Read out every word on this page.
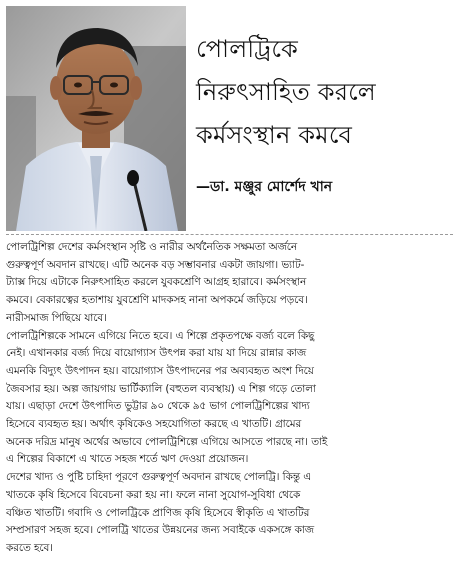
পোলট্রিকে
নিরুৎসাহিত করলে
কর্মসংস্থান কমবে
—ডা. মঞ্জুর মোর্শেদ খান
পোলট্রিশিল্প দেশের কর্মসংস্থান সৃষ্টি ও নারীর অর্থনৈতিক সক্ষমতা অর্জনে
গুরুত্বপূর্ণ অবদান রাখছে। এটি অনেক বড় সম্ভাবনার একটা জায়গা। ভ্যাট-
ট্যাক্স দিয়ে এটাকে নিরুৎসাহিত করলে যুবকশ্রেণি আগ্রহ হারাবে। কর্মসংস্থান
কমবে। বেকারত্বের হতাশায় যুবশ্রেণি মাদকসহ নানা অপকর্মে জড়িয়ে পড়বে।
নারীসমাজ পিছিয়ে যাবে।
পোলট্রিশিল্পকে সামনে এগিয়ে নিতে হবে। এ শিল্পে প্রকৃতপক্ষে বর্জ্য বলে কিছু
নেই। এখানকার বর্জ্য দিয়ে বায়োগ্যাস উৎপন্ন করা যায় যা দিয়ে রান্নার কাজ
এমনকি বিদ্যুৎ উৎপাদন হয়। বায়োগ্যাস উৎপাদনের পর অব্যবহৃত অংশ দিয়ে
জৈবসার হয়। অল্প জায়গায় ভার্টিক্যালি (বহুতল ব্যবস্থায়) এ শিল্প গড়ে তোলা
যায়। এছাড়া দেশে উৎপাদিত ভুট্টার ৯০ থেকে ৯৫ ভাগ পোলট্রিশিল্পের খাদ্য
হিসেবে ব্যবহৃত হয়। অর্থাৎ কৃষিকেও সহযোগিতা করছে এ খাতটি। গ্রামের
অনেক দরিদ্র মানুষ অর্থের অভাবে পোলট্রিশিল্পে এগিয়ে আসতে পারছে না। তাই
এ শিল্পের বিকাশে এ খাতে সহজ শর্তে ঋণ দেওয়া প্রয়োজন।
দেশের খাদ্য ও পুষ্টি চাহিদা পূরণে গুরুত্বপূর্ণ অবদান রাখছে পোলট্রি। কিন্তু এ
খাতকে কৃষি হিসেবে বিবেচনা করা হয় না। ফলে নানা সুযোগ-সুবিধা থেকে
বঞ্চিত খাতটি। গবাদি ও পোলট্রিকে প্রাণিজ কৃষি হিসেবে স্বীকৃতি এ খাতটির
সম্প্রসারণ সহজ হবে। পোলট্রি খাতের উন্নয়নের জন্য সবাইকে একসঙ্গে কাজ
করতে হবে।
